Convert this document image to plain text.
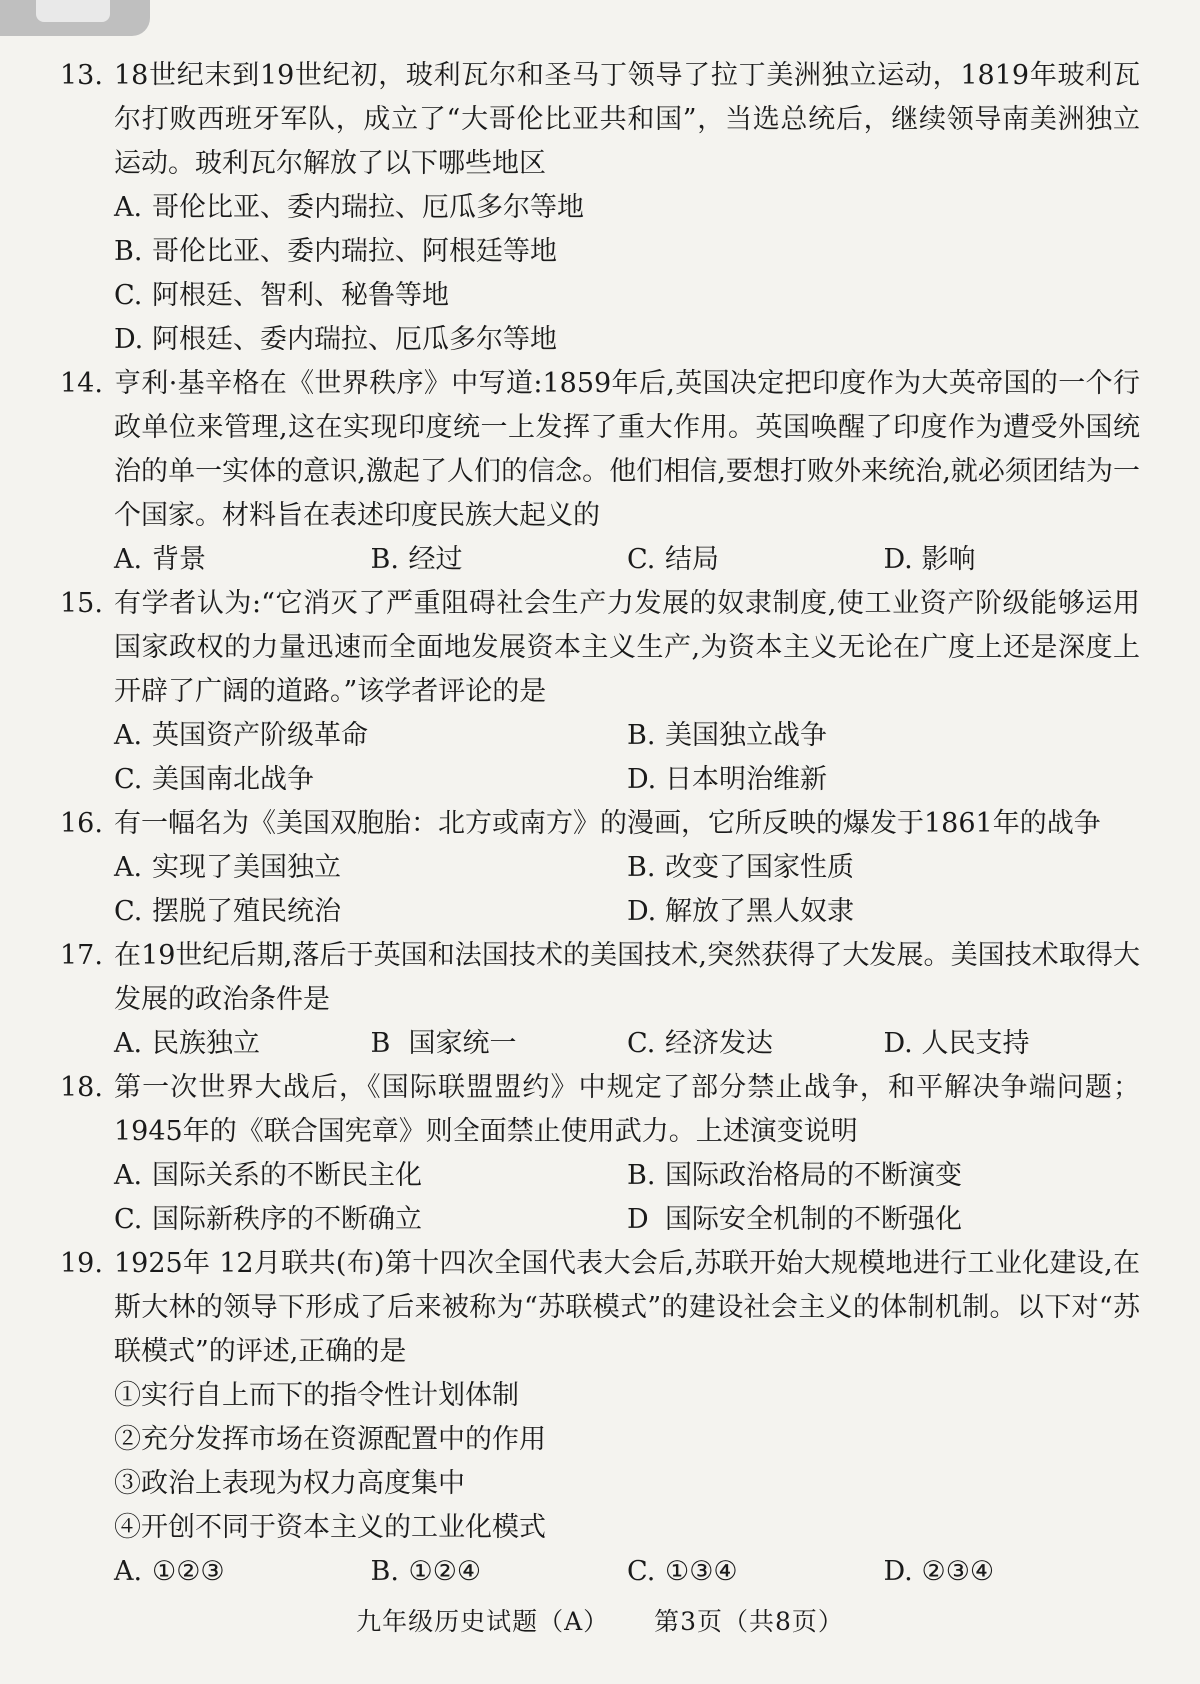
13. 18世纪末到19世纪初，玻利瓦尔和圣马丁领导了拉丁美洲独立运动，1819年玻利瓦尔打败西班牙军队，成立了“大哥伦比亚共和国”，当选总统后，继续领导南美洲独立运动。玻利瓦尔解放了以下哪些地区
A. 哥伦比亚、委内瑞拉、厄瓜多尔等地
B. 哥伦比亚、委内瑞拉、阿根廷等地
C. 阿根廷、智利、秘鲁等地
D. 阿根廷、委内瑞拉、厄瓜多尔等地
14. 亨利·基辛格在《世界秩序》中写道:1859年后,英国决定把印度作为大英帝国的一个行政单位来管理,这在实现印度统一上发挥了重大作用。英国唤醒了印度作为遭受外国统治的单一实体的意识,激起了人们的信念。他们相信,要想打败外来统治,就必须团结为一个国家。材料旨在表述印度民族大起义的
A. 背景	B. 经过	C. 结局	D. 影响
15. 有学者认为:“它消灭了严重阻碍社会生产力发展的奴隶制度,使工业资产阶级能够运用国家政权的力量迅速而全面地发展资本主义生产,为资本主义无论在广度上还是深度上开辟了广阔的道路。”该学者评论的是
A. 英国资产阶级革命	B. 美国独立战争
C. 美国南北战争	D. 日本明治维新
16. 有一幅名为《美国双胞胎：北方或南方》的漫画，它所反映的爆发于1861年的战争
A. 实现了美国独立	B. 改变了国家性质
C. 摆脱了殖民统治	D. 解放了黑人奴隶
17. 在19世纪后期,落后于英国和法国技术的美国技术,突然获得了大发展。美国技术取得大发展的政治条件是
A. 民族独立	B 国家统一	C. 经济发达	D. 人民支持
18. 第一次世界大战后，《国际联盟盟约》中规定了部分禁止战争，和平解决争端问题；1945年的《联合国宪章》则全面禁止使用武力。上述演变说明
A. 国际关系的不断民主化	B. 国际政治格局的不断演变
C. 国际新秩序的不断确立	D 国际安全机制的不断强化
19. 1925年 12月联共(布)第十四次全国代表大会后,苏联开始大规模地进行工业化建设,在斯大林的领导下形成了后来被称为“苏联模式”的建设社会主义的体制机制。以下对“苏联模式”的评述,正确的是
①实行自上而下的指令性计划体制
②充分发挥市场在资源配置中的作用
③政治上表现为权力高度集中
④开创不同于资本主义的工业化模式
A. ①②③	B. ①②④	C. ①③④	D. ②③④
九年级历史试题（A） 第3页（共8页）
